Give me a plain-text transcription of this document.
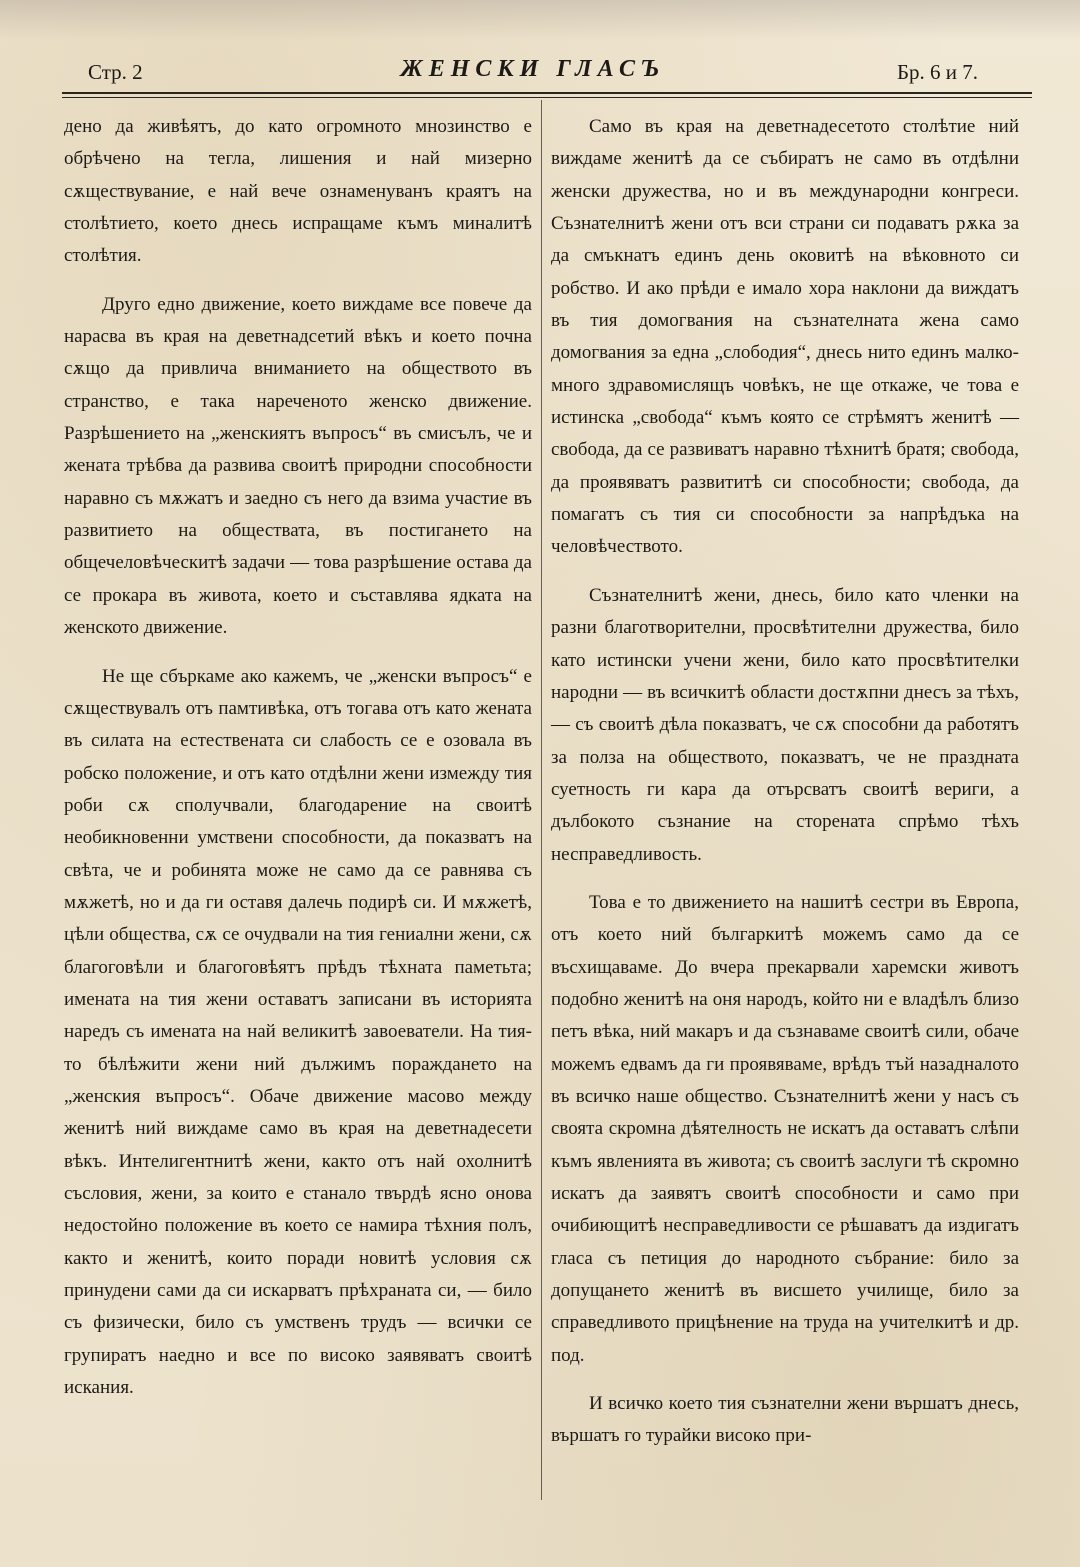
Стр. 2	ЖЕНСКИ ГЛАСЪ	Бр. 6 и 7.

дено да живѣятъ, до като огромното мнозинство е обрѣчено на тегла, лишения и най мизерно сѫществувание, е най вече ознаменуванъ краятъ на столѣтието, което днесь испращаме къмъ миналитѣ столѣтия.

Друго едно движение, което виждаме все повече да нарасва въ края на деветнадсетий вѣкъ и което почна сѫщо да привлича вниманието на обществото въ странство, е така нареченото женско движение. Разрѣшението на „женскиятъ въпросъ“ въ смисълъ, че и жената трѣбва да развива своитѣ природни способности наравно съ мѫжатъ и заедно съ него да взима участие въ развитието на обществата, въ постигането на общечеловѣческитѣ задачи — това разрѣшение остава да се прокара въ живота, което и съставлява ядката на женското движение.

Не ще сбъркаме ако кажемъ, че „женски въпросъ“ е сѫществувалъ отъ памтивѣка, отъ тогава отъ като жената въ силата на естествената си слабость се е озовала въ робско положение, и отъ като отдѣлни жени измежду тия роби сѫ сполучвали, благодарение на своитѣ необикновенни умствени способности, да показватъ на свѣта, че и робинята може не само да се равнява съ мѫжетѣ, но и да ги оставя далечь подирѣ си. И мѫжетѣ, цѣли общества, сѫ се очудвали на тия гениални жени, сѫ благоговѣли и благоговѣятъ прѣдъ тѣхната паметьта; имената на тия жени оставатъ записани въ историята наредъ съ имената на най великитѣ завоеватели. На тия-то бѣлѣжити жени ний дължимъ пораждането на „женския въпросъ“. Обаче движение масово между женитѣ ний виждаме само въ края на деветнадесети вѣкъ. Интелигентнитѣ жени, както отъ най охолнитѣ съсловия, жени, за които е станало твърдѣ ясно онова недостойно положение въ което се намира тѣхния полъ, както и женитѣ, които поради новитѣ условия сѫ принудени сами да си искарватъ прѣхраната си, — било съ физически, било съ умственъ трудъ — всички се групиратъ наедно и все по високо заявяватъ своитѣ искания.

Само въ края на деветнадесетото столѣтие ний виждаме женитѣ да се събиратъ не само въ отдѣлни женски дружества, но и въ международни конгреси. Съзнателнитѣ жени отъ вси страни си подаватъ рѫка за да смъкнатъ единъ день оковитѣ на вѣковното си робство. И ако прѣди е имало хора наклони да виждатъ въ тия домогвания на съзнателната жена само домогвания за една „слободия“, днесь нито единъ малко-много здравомислящъ човѣкъ, не ще откаже, че това е истинска „свобода“ къмъ която се стрѣмятъ женитѣ — свобода, да се развиватъ наравно тѣхнитѣ братя; свобода, да проявяватъ развититѣ си способности; свобода, да помагатъ съ тия си способности за напрѣдъка на человѣчеството.

Съзнателнитѣ жени, днесь, било като членки на разни благотворителни, просвѣтителни дружества, било като истински учени жени, било като просвѣтителки народни — въ всичкитѣ области достѫпни днесъ за тѣхъ, — съ своитѣ дѣла показватъ, че сѫ способни да работятъ за полза на обществото, показватъ, че не празднатa суетность ги кара да отърсватъ своитѣ вериги, а дълбокото съзнание на сторената спрѣмо тѣхъ несправедливость.

Това е то движението на нашитѣ сестри въ Европа, отъ което ний българкитѣ можемъ само да се въсхищаваме. До вчера прекарвали харемски животъ подобно женитѣ на оня народъ, който ни е владѣлъ близо петъ вѣка, ний макаръ и да съзнаваме своитѣ сили, обаче можемъ едвамъ да ги проявяваме, врѣдъ тъй назадналото въ всичко наше общество. Съзнателнитѣ жени у насъ съ своята скромна дѣятелность не искатъ да оставатъ слѣпи къмъ явленията въ живота; съ своитѣ заслуги тѣ скромно искатъ да заявятъ своитѣ способности и само при очибиющитѣ несправедливости се рѣшаватъ да издигатъ гласа съ петиция до народното събрание: било за допущането женитѣ въ висшето училище, било за справедливото прицѣнение на труда на учителкитѣ и др. под.

И всичко което тия съзнателни жени вършатъ днесь, вършатъ го турайки високо при-
